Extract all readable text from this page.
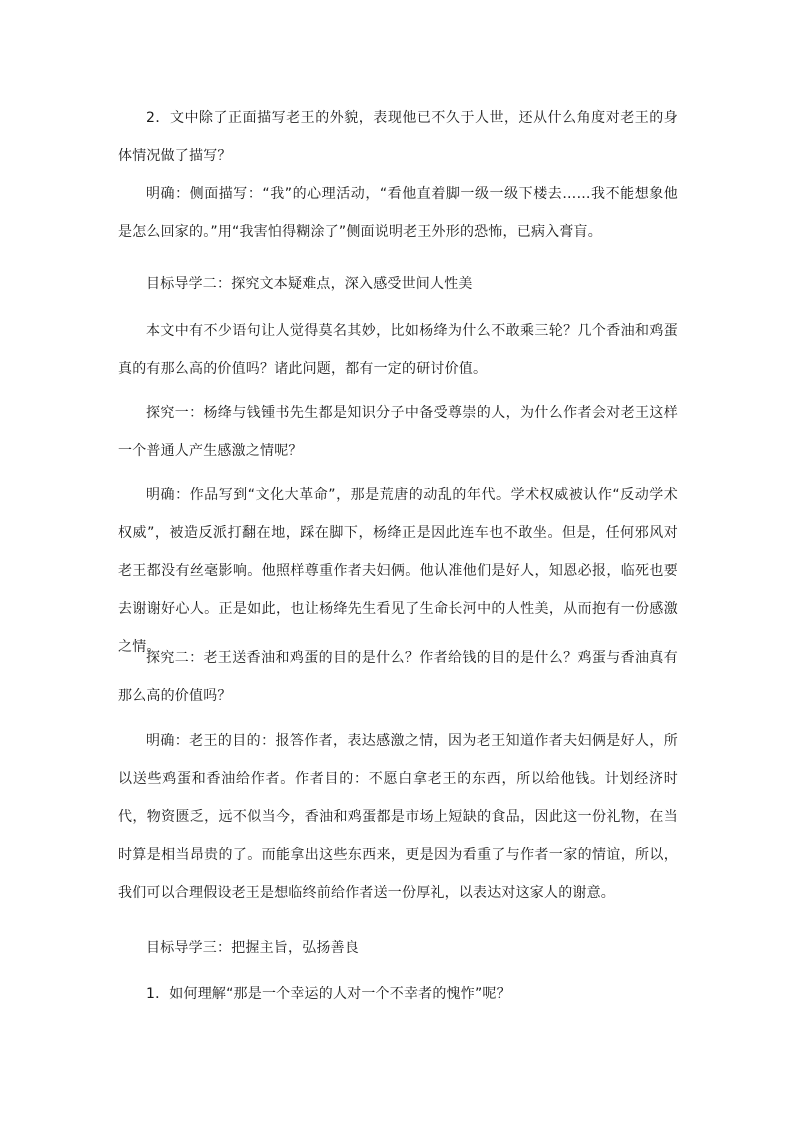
2．文中除了正面描写老王的外貌，表现他已不久于人世，还从什么角度对老王的身体情况做了描写？

明确：侧面描写：“我”的心理活动，“看他直着脚一级一级下楼去……我不能想象他是怎么回家的。”用“我害怕得糊涂了”侧面说明老王外形的恐怖，已病入膏肓。

目标导学二：探究文本疑难点，深入感受世间人性美

本文中有不少语句让人觉得莫名其妙，比如杨绛为什么不敢乘三轮？几个香油和鸡蛋真的有那么高的价值吗？诸此问题，都有一定的研讨价值。

探究一：杨绛与钱锺书先生都是知识分子中备受尊崇的人，为什么作者会对老王这样一个普通人产生感激之情呢？

明确：作品写到“文化大革命”，那是荒唐的动乱的年代。学术权威被认作“反动学术权威”，被造反派打翻在地，踩在脚下，杨绛正是因此连车也不敢坐。但是，任何邪风对老王都没有丝毫影响。他照样尊重作者夫妇俩。他认准他们是好人，知恩必报，临死也要去谢谢好心人。正是如此，也让杨绛先生看见了生命长河中的人性美，从而抱有一份感激之情。

探究二：老王送香油和鸡蛋的目的是什么？作者给钱的目的是什么？鸡蛋与香油真有那么高的价值吗？

明确：老王的目的：报答作者，表达感激之情，因为老王知道作者夫妇俩是好人，所以送些鸡蛋和香油给作者。作者目的：不愿白拿老王的东西，所以给他钱。计划经济时代，物资匮乏，远不似当今，香油和鸡蛋都是市场上短缺的食品，因此这一份礼物，在当时算是相当昂贵的了。而能拿出这些东西来，更是因为看重了与作者一家的情谊，所以，我们可以合理假设老王是想临终前给作者送一份厚礼，以表达对这家人的谢意。

目标导学三：把握主旨，弘扬善良

1．如何理解“那是一个幸运的人对一个不幸者的愧怍”呢？
